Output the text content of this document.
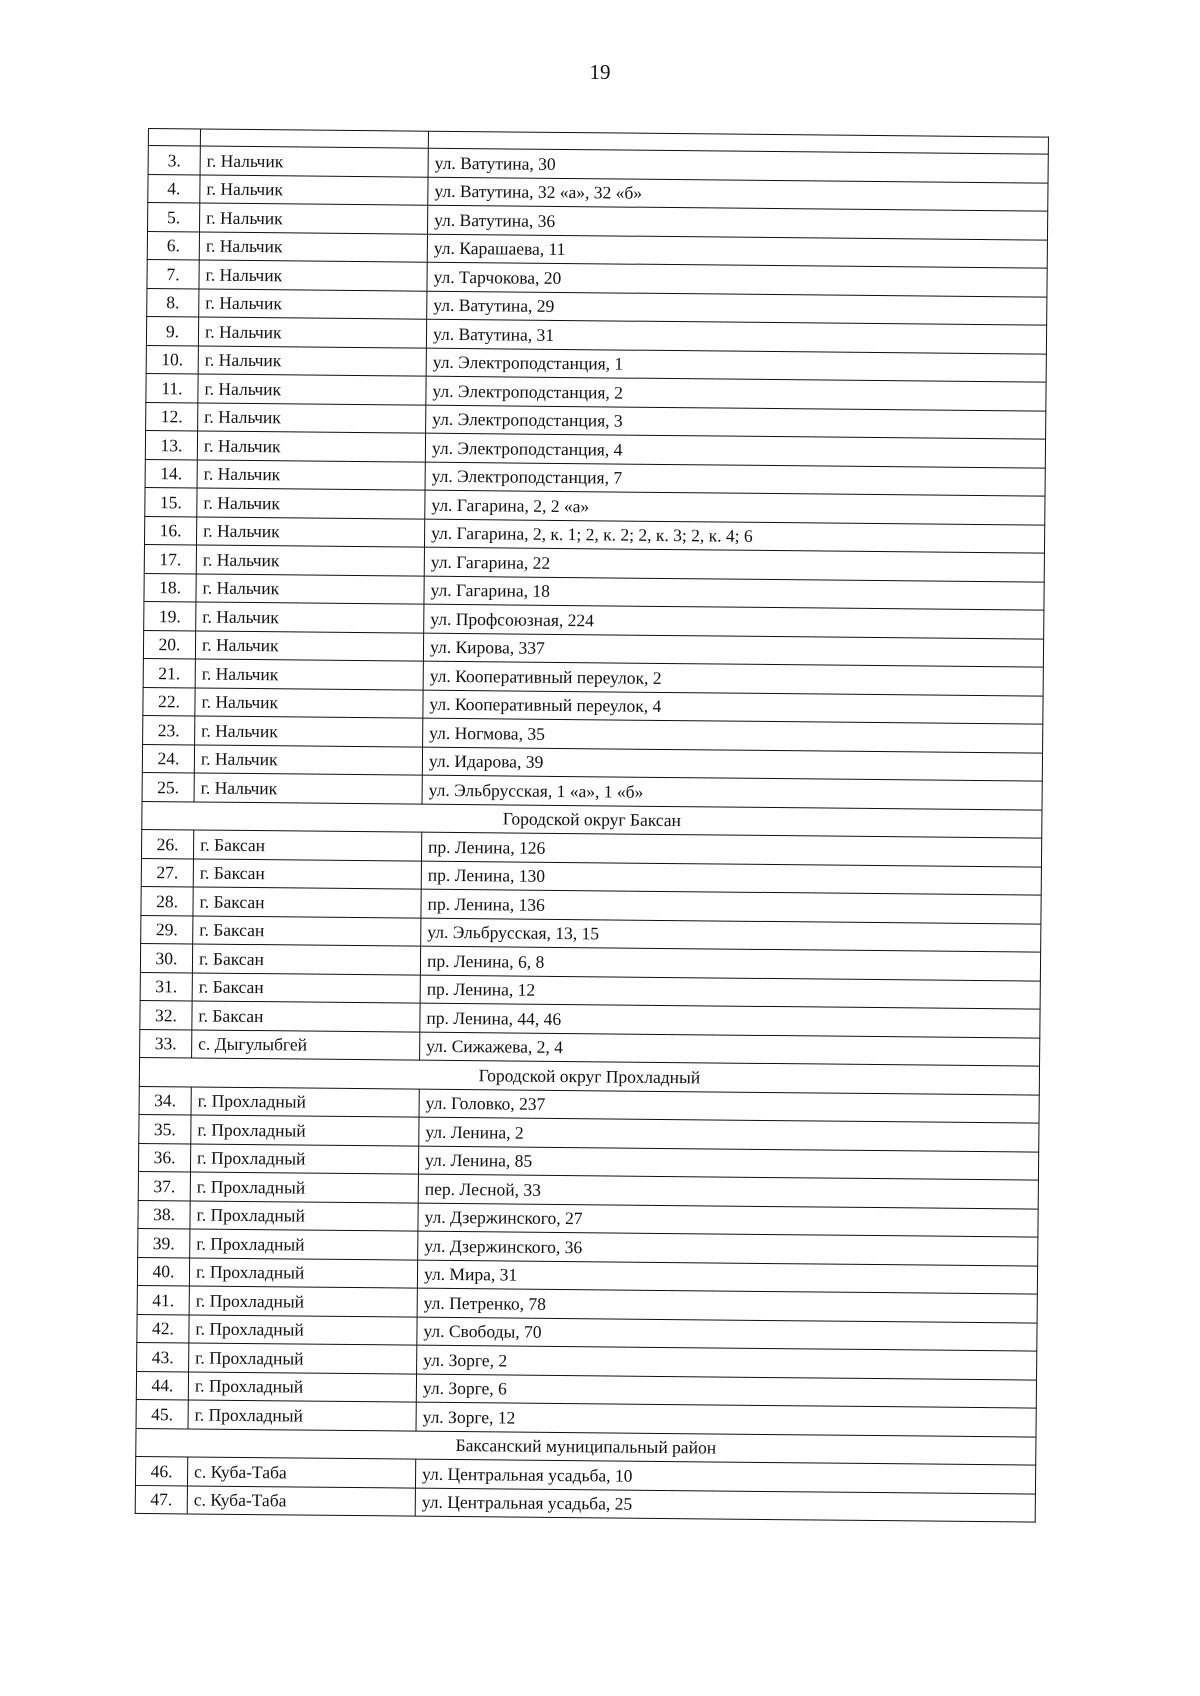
19

3.	г. Нальчик	ул. Ватутина, 30
4.	г. Нальчик	ул. Ватутина, 32 «а», 32 «б»
5.	г. Нальчик	ул. Ватутина, 36
6.	г. Нальчик	ул. Карашаева, 11
7.	г. Нальчик	ул. Тарчокова, 20
8.	г. Нальчик	ул. Ватутина, 29
9.	г. Нальчик	ул. Ватутина, 31
10.	г. Нальчик	ул. Электроподстанция, 1
11.	г. Нальчик	ул. Электроподстанция, 2
12.	г. Нальчик	ул. Электроподстанция, 3
13.	г. Нальчик	ул. Электроподстанция, 4
14.	г. Нальчик	ул. Электроподстанция, 7
15.	г. Нальчик	ул. Гагарина, 2, 2 «а»
16.	г. Нальчик	ул. Гагарина, 2, к. 1; 2, к. 2; 2, к. 3; 2, к. 4; 6
17.	г. Нальчик	ул. Гагарина, 22
18.	г. Нальчик	ул. Гагарина, 18
19.	г. Нальчик	ул. Профсоюзная, 224
20.	г. Нальчик	ул. Кирова, 337
21.	г. Нальчик	ул. Кооперативный переулок, 2
22.	г. Нальчик	ул. Кооперативный переулок, 4
23.	г. Нальчик	ул. Ногмова, 35
24.	г. Нальчик	ул. Идарова, 39
25.	г. Нальчик	ул. Эльбрусская, 1 «а», 1 «б»
Городской округ Баксан		
26.	г. Баксан	пр. Ленина, 126
27.	г. Баксан	пр. Ленина, 130
28.	г. Баксан	пр. Ленина, 136
29.	г. Баксан	ул. Эльбрусская, 13, 15
30.	г. Баксан	пр. Ленина, 6, 8
31.	г. Баксан	пр. Ленина, 12
32.	г. Баксан	пр. Ленина, 44, 46
33.	с. Дыгулыбгей	ул. Сижажева, 2, 4
Городской округ Прохладный		
34.	г. Прохладный	ул. Головко, 237
35.	г. Прохладный	ул. Ленина, 2
36.	г. Прохладный	ул. Ленина, 85
37.	г. Прохладный	пер. Лесной, 33
38.	г. Прохладный	ул. Дзержинского, 27
39.	г. Прохладный	ул. Дзержинского, 36
40.	г. Прохладный	ул. Мира, 31
41.	г. Прохладный	ул. Петренко, 78
42.	г. Прохладный	ул. Свободы, 70
43.	г. Прохладный	ул. Зорге, 2
44.	г. Прохладный	ул. Зорге, 6
45.	г. Прохладный	ул. Зорге, 12
Баксанский муниципальный район		
46.	с. Куба-Таба	ул. Центральная усадьба, 10
47.	с. Куба-Таба	ул. Центральная усадьба, 25
